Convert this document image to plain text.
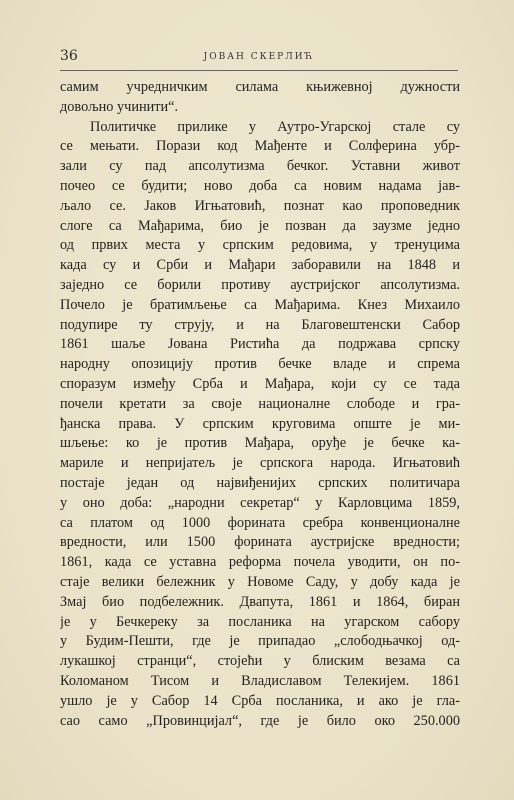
36	ЈОВАН СКЕРЛИЋ
самим учредничким силама књижевној дужности
довољно учинити“.
Политичке прилике у Аутро-Угарској стале су
се мењати. Порази код Мађенте и Солферина убр-
зали су пад апсолутизма бечког. Уставни живот
почео се будити; ново доба са новим надама јав-
љало се. Јаков Игњатовић, познат као проповедник
слоге са Мађарима, био је позван да заузме једно
од првих места у српским редовима, у тренуцима
када су и Срби и Мађари заборавили на 1848 и
заједно се борили противу аустријског апсолутизма.
Почело је братимљење са Мађарима. Кнез Михаило
подупире ту струју, и на Благовештенски Сабор
1861 шаље Јована Ристића да подржава српску
народну опозицију против бечке владе и спрема
споразум између Срба и Мађара, који су се тада
почели кретати за своје националне слободе и гра-
ђанска права. У српским круговима опште је ми-
шљење: ко је против Мађара, оруђе је бечке ка-
марилe и непријатељ је српскога народа. Игњатовић
постаје један од највиђенијих српских политичара
у оно доба: „народни секретар“ у Карловцима 1859,
са платом од 1000 форината сребра конвенционалне
вредности, или 1500 форината аустријске вредности;
1861, када се уставна реформа почела уводити, он по-
стаје велики бележник у Новоме Саду, у добу када је
Змај био подбележник. Двапута, 1861 и 1864, биран
је у Бечкереку за посланика на угарском сабору
у Будим-Пешти, где је припадао „слободњачкој од-
лукашкој странци“, стојећи у блиским везама са
Коломаном Тисом и Владиславом Телекијем. 1861
ушло је у Сабор 14 Срба посланика, и ако је гла-
сао само „Провинцијал“, где је било око 250.000
